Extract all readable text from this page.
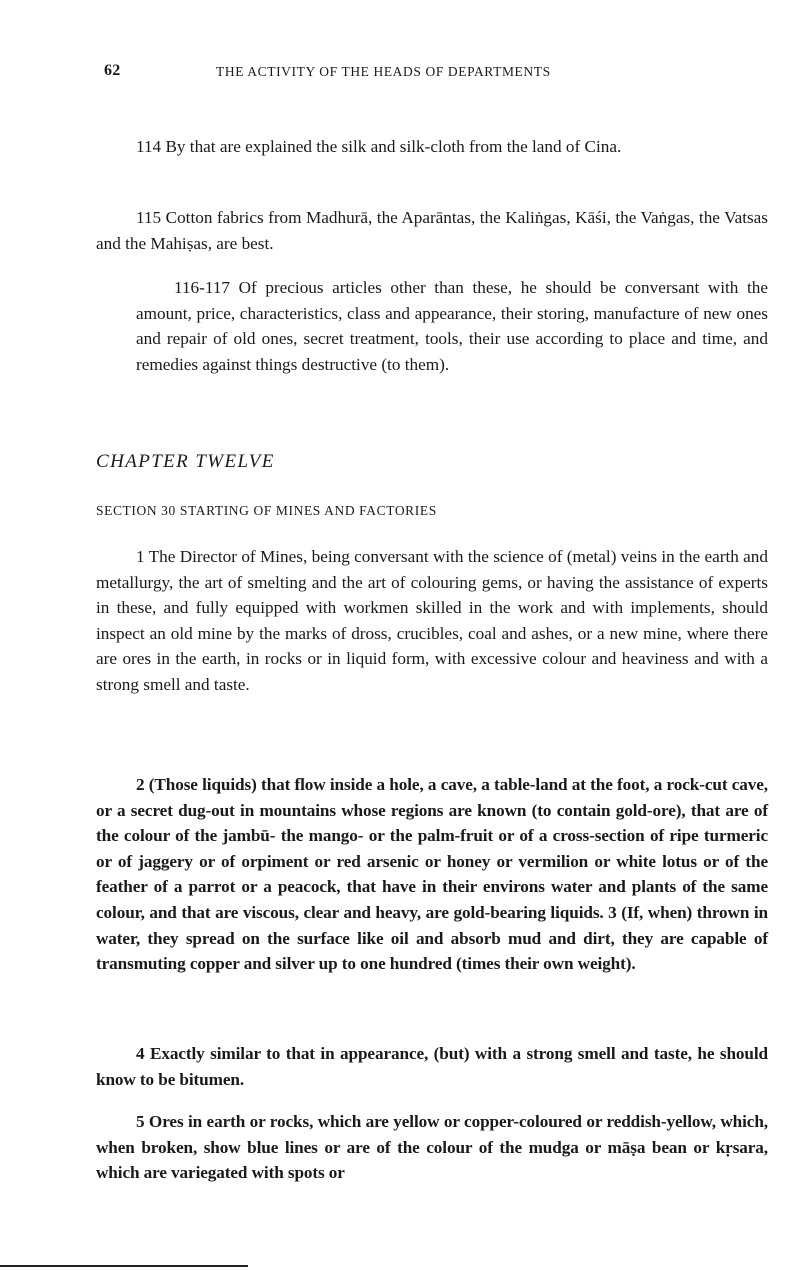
62	THE ACTIVITY OF THE HEADS OF DEPARTMENTS

114 By that are explained the silk and silk-cloth from the land of Cina.

115 Cotton fabrics from Madhurā, the Aparāntas, the Kaliṅgas, Kāśi, the Vaṅgas, the Vatsas and the Mahiṣas, are best.

116-117 Of precious articles other than these, he should be conversant with the amount, price, characteristics, class and appearance, their storing, manufacture of new ones and repair of old ones, secret treatment, tools, their use according to place and time, and remedies against things destructive (to them).

CHAPTER TWELVE
SECTION 30 STARTING OF MINES AND FACTORIES

1 The Director of Mines, being conversant with the science of (metal) veins in the earth and metallurgy, the art of smelting and the art of colouring gems, or having the assistance of experts in these, and fully equipped with workmen skilled in the work and with implements, should inspect an old mine by the marks of dross, crucibles, coal and ashes, or a new mine, where there are ores in the earth, in rocks or in liquid form, with excessive colour and heaviness and with a strong smell and taste.

2 (Those liquids) that flow inside a hole, a cave, a table-land at the foot, a rock-cut cave, or a secret dug-out in mountains whose regions are known (to contain gold-ore), that are of the colour of the jambū- the mango- or the palm-fruit or of a cross-section of ripe turmeric or of jaggery or of orpiment or red arsenic or honey or vermilion or white lotus or of the feather of a parrot or a peacock, that have in their environs water and plants of the same colour, and that are viscous, clear and heavy, are gold-bearing liquids. 3 (If, when) thrown in water, they spread on the surface like oil and absorb mud and dirt, they are capable of transmuting copper and silver up to one hundred (times their own weight).

4 Exactly similar to that in appearance, (but) with a strong smell and taste, he should know to be bitumen.

5 Ores in earth or rocks, which are yellow or copper-coloured or reddish-yellow, which, when broken, show blue lines or are of the colour of the mudga or māṣa bean or kṛsara, which are variegated with spots or
